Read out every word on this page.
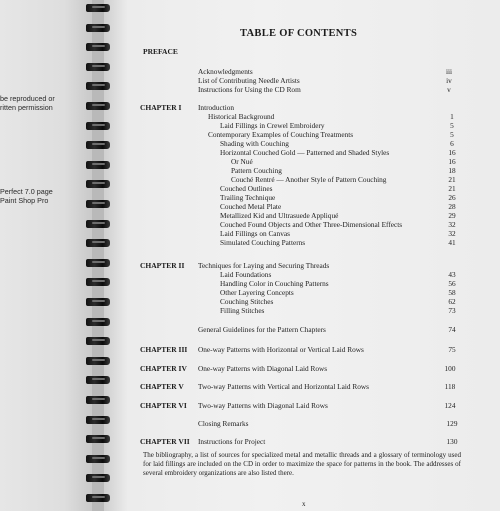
be reproduced or
ritten permission
Perfect 7.0 page
Paint Shop Pro
TABLE OF CONTENTS
PREFACE
Acknowledgments	iii
List of Contributing Needle Artists	iv
Instructions for Using the CD Rom	v
CHAPTER I Introduction
Historical Background	1
Laid Fillings in Crewel Embroidery	5
Contemporary Examples of Couching Treatments	5
Shading with Couching	6
Horizontal Couched Gold — Patterned and Shaded Styles	16
Or Nué	16
Pattern Couching	18
Couché Rentré — Another Style of Pattern Couching	21
Couched Outlines	21
Trailing Technique	26
Couched Metal Plate	28
Metallized Kid and Ultrasuede Appliqué	29
Couched Found Objects and Other Three-Dimensional Effects	32
Laid Fillings on Canvas	32
Simulated Couching Patterns	41
CHAPTER II Techniques for Laying and Securing Threads
Laid Foundations	43
Handling Color in Couching Patterns	56
Other Layering Concepts	58
Couching Stitches	62
Filling Stitches	73
General Guidelines for the Pattern Chapters	74
CHAPTER III One-way Patterns with Horizontal or Vertical Laid Rows	75
CHAPTER IV One-way Patterns with Diagonal Laid Rows	100
CHAPTER V Two-way Patterns with Vertical and Horizontal Laid Rows	118
CHAPTER VI Two-way Patterns with Diagonal Laid Rows	124
Closing Remarks	129
CHAPTER VII Instructions for Project	130
The bibliography, a list of sources for specialized metal and metallic threads and a glossary of terminology used for laid fillings are included on the CD in order to maximize the space for patterns in the book. The addresses of several embroidery organizations are also listed there.
x
